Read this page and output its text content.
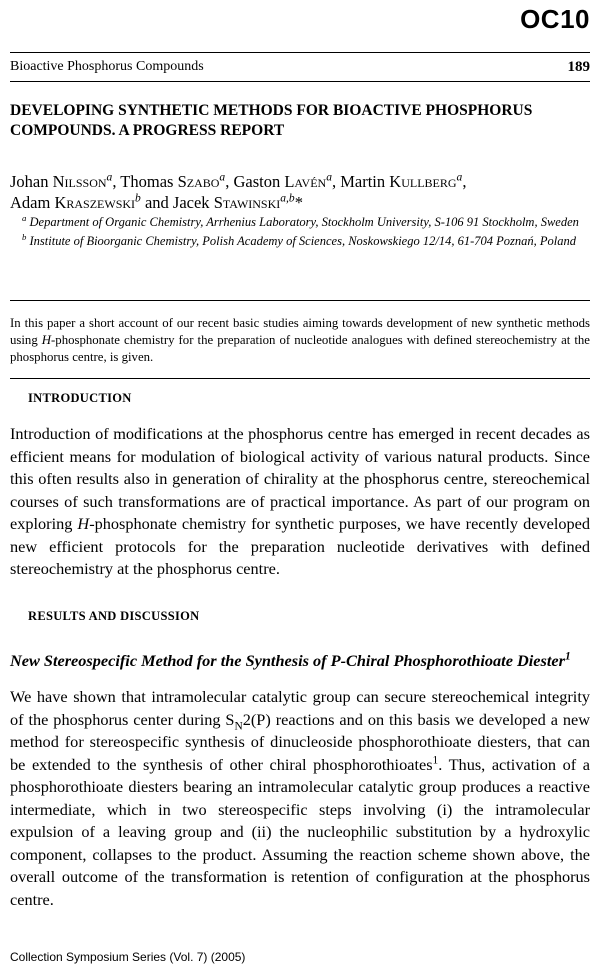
OC10
Bioactive Phosphorus Compounds	189
DEVELOPING SYNTHETIC METHODS FOR BIOACTIVE PHOSPHORUS COMPOUNDS. A PROGRESS REPORT
Johan Nilsson$^a$, Thomas Szabo$^a$, Gaston Lavén$^a$, Martin Kullberg$^a$,
Adam Kraszewski$^b$ and Jacek Stawinski$^{a,b}$*

$^a$ Department of Organic Chemistry, Arrhenius Laboratory, Stockholm University, S-106 91 Stockholm, Sweden

$^b$ Institute of Bioorganic Chemistry, Polish Academy of Sciences, Noskowskiego 12/14, 61-704 Poznań, Poland

In this paper a short account of our recent basic studies aiming towards development of new synthetic methods using H-phosphonate chemistry for the preparation of nucleotide analogues with defined stereochemistry at the phosphorus centre, is given.

INTRODUCTION

Introduction of modifications at the phosphorus centre has emerged in recent decades as efficient means for modulation of biological activity of various natural products. Since this often results also in generation of chirality at the phosphorus centre, stereochemical courses of such transformations are of practical importance. As part of our program on exploring H-phosphonate chemistry for synthetic purposes, we have recently developed new efficient protocols for the preparation nucleotide derivatives with defined stereochemistry at the phosphorus centre.

RESULTS AND DISCUSSION
New Stereospecific Method for the Synthesis of P-Chiral Phosphorothioate Diester$^1$

We have shown that intramolecular catalytic group can secure stereochemical integrity of the phosphorus center during $S_N2(P)$ reactions and on this basis we developed a new method for stereospecific synthesis of dinucleoside phosphorothioate diesters, that can be extended to the synthesis of other chiral phosphorothioates$^1$. Thus, activation of a phosphorothioate diesters bearing an intramolecular catalytic group produces a reactive intermediate, which in two stereospecific steps involving (i) the intramolecular expulsion of a leaving group and (ii) the nucleophilic substitution by a hydroxylic component, collapses to the product. Assuming the reaction scheme shown above, the overall outcome of the transformation is retention of configuration at the phosphorus centre.

Collection Symposium Series (Vol. 7) (2005)
